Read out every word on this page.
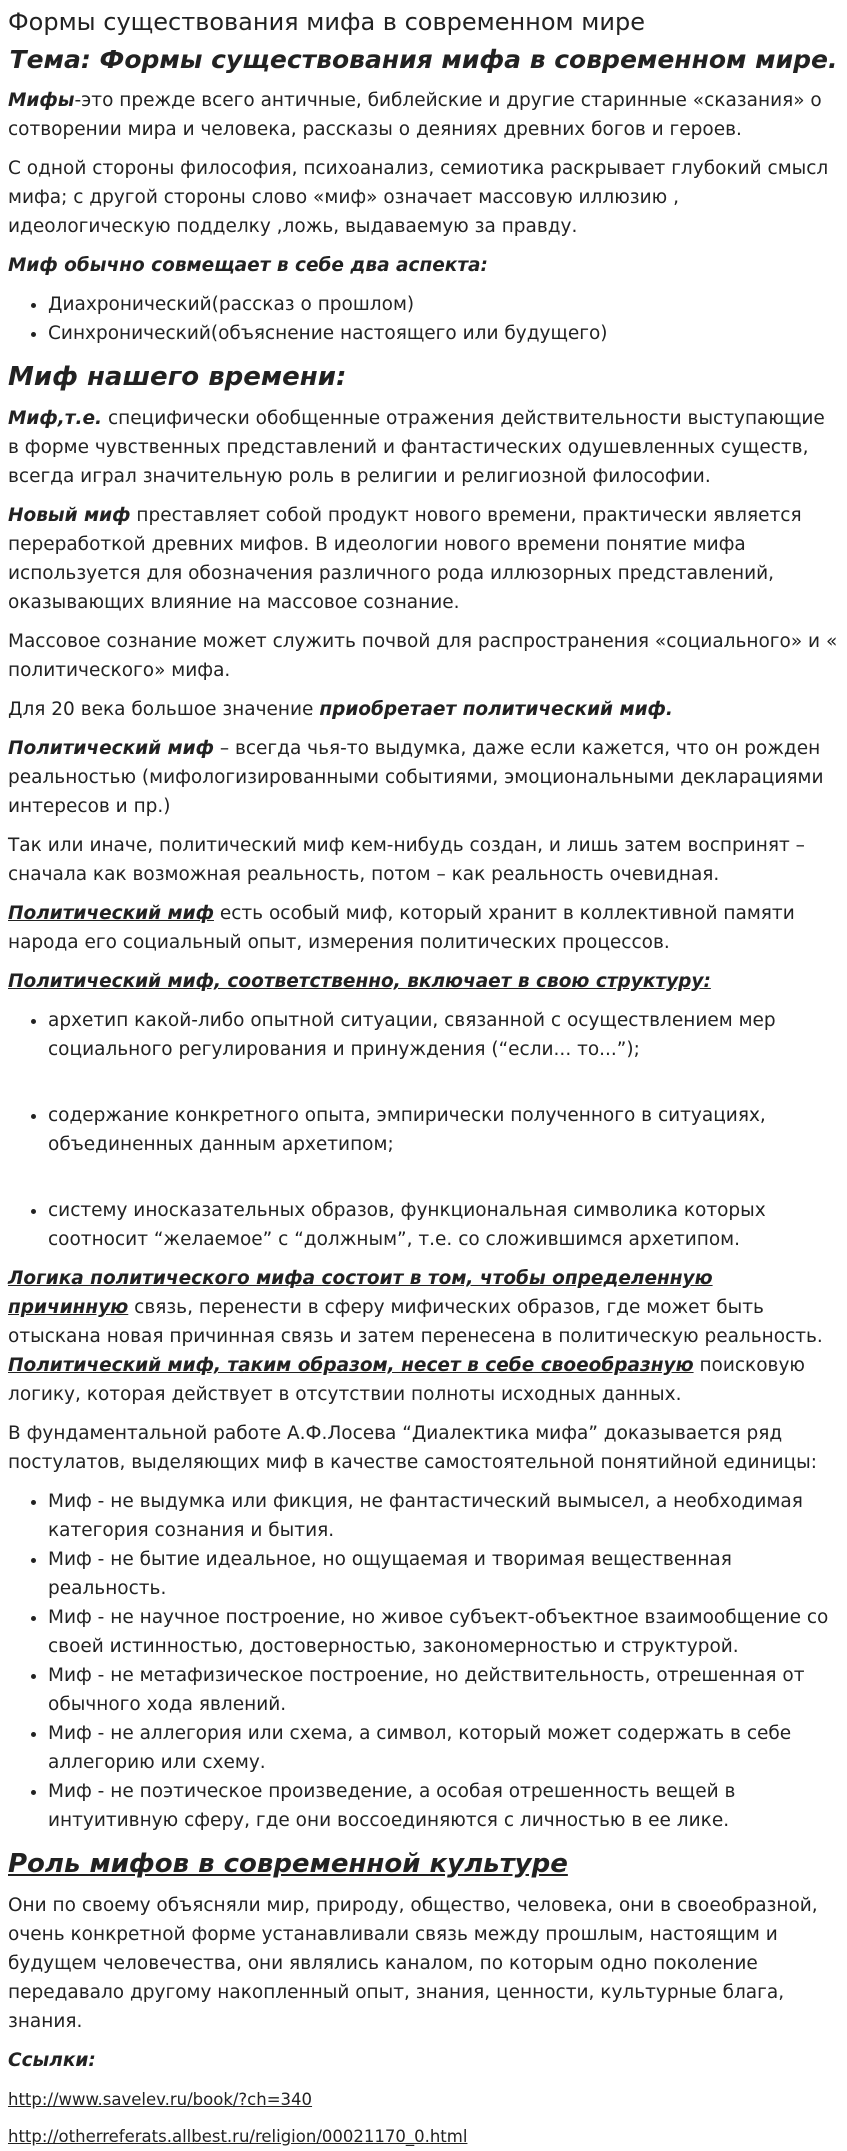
Формы существования мифа в современном мире
Тема: Формы существования мифа в современном мире.

Мифы-это прежде всего античные, библейские и другие старинные «сказания» о сотворении мира и человека, рассказы о деяниях древних богов и героев.

С одной стороны философия, психоанализ, семиотика раскрывает глубокий смысл мифа; с другой стороны слово «миф» означает массовую иллюзию , идеологическую подделку ,ложь, выдаваемую за правду.

Миф обычно совмещает в себе два аспекта:

• Диахронический(рассказ о прошлом)
• Синхронический(объяснение настоящего или будущего)
Миф нашего времени:

Миф,т.е. специфически обобщенные отражения действительности выступающие в форме чувственных представлений и фантастических одушевленных существ, всегда играл значительную роль в религии и религиозной философии.

Новый миф преставляет собой продукт нового времени, практически является переработкой древних мифов. В идеологии нового времени понятие мифа используется для обозначения различного рода иллюзорных представлений, оказывающих влияние на массовое сознание.

Массовое сознание может служить почвой для распространения «социального» и « политического» мифа.

Для 20 века большое значение приобретает политический миф.

Политический миф – всегда чья-то выдумка, даже если кажется, что он рожден реальностью (мифологизированными событиями, эмоциональными декларациями интересов и пр.)

Так или иначе, политический миф кем-нибудь создан, и лишь затем воспринят – сначала как возможная реальность, потом – как реальность очевидная.

Политический миф есть особый миф, который хранит в коллективной памяти народа его социальный опыт, измерения политических процессов.

Политический миф, соответственно, включает в свою структуру:

• архетип какой-либо опытной ситуации, связанной с осуществлением мер социального регулирования и принуждения (“если... то...”);
• содержание конкретного опыта, эмпирически полученного в ситуациях, объединенных данным архетипом;
• систему иносказательных образов, функциональная символика которых соотносит “желаемое” с “должным”, т.е. со сложившимся архетипом.

Логика политического мифа состоит в том, чтобы определенную причинную связь, перенести в сферу мифических образов, где может быть отыскана новая причинная связь и затем перенесена в политическую реальность. Политический миф, таким образом, несет в себе своеобразную поисковую логику, которая действует в отсутствии полноты исходных данных.

В фундаментальной работе А.Ф.Лосева “Диалектика мифа” доказывается ряд постулатов, выделяющих миф в качестве самостоятельной понятийной единицы:

• Миф - не выдумка или фикция, не фантастический вымысел, а необходимая категория сознания и бытия.
• Миф - не бытие идеальное, но ощущаемая и творимая вещественная реальность.
• Миф - не научное построение, но живое субъект-объектное взаимообщение со своей истинностью, достоверностью, закономерностью и структурой.
• Миф - не метафизическое построение, но действительность, отрешенная от обычного хода явлений.
• Миф - не аллегория или схема, а символ, который может содержать в себе аллегорию или схему.
• Миф - не поэтическое произведение, а особая отрешенность вещей в интуитивную сферу, где они воссоединяются с личностью в ее лике.
Роль мифов в современной культуре

Они по своему объясняли мир, природу, общество, человека, они в своеобразной, очень конкретной форме устанавливали связь между прошлым, настоящим и будущем человечества, они являлись каналом, по которым одно поколение передавало другому накопленный опыт, знания, ценности, культурные блага, знания.

Ссылки:

http://www.savelev.ru/book/?ch=340

http://otherreferats.allbest.ru/religion/00021170_0.html
